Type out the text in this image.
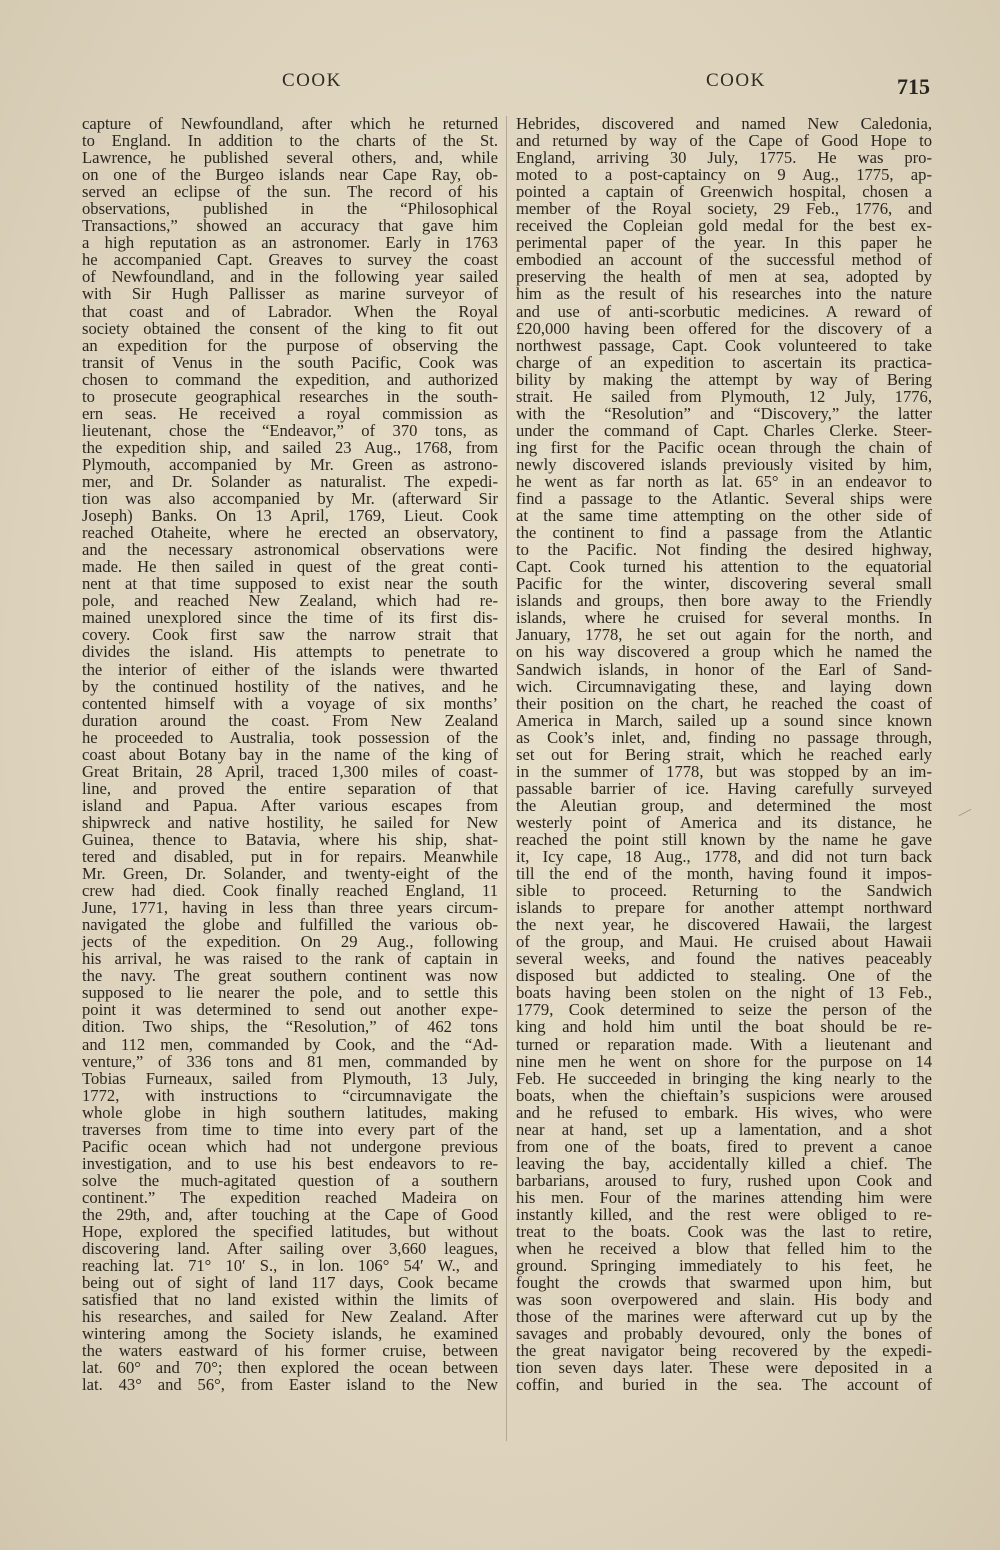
COOK	COOK	715
capture of Newfoundland, after which he returned
to England. In addition to the charts of the St.
Lawrence, he published several others, and, while
on one of the Burgeo islands near Cape Ray, ob-
served an eclipse of the sun. The record of his
observations, published in the “Philosophical
Transactions,” showed an accuracy that gave him
a high reputation as an astronomer. Early in 1763
he accompanied Capt. Greaves to survey the coast
of Newfoundland, and in the following year sailed
with Sir Hugh Pallisser as marine surveyor of
that coast and of Labrador. When the Royal
society obtained the consent of the king to fit out
an expedition for the purpose of observing the
transit of Venus in the south Pacific, Cook was
chosen to command the expedition, and authorized
to prosecute geographical researches in the south-
ern seas. He received a royal commission as
lieutenant, chose the “Endeavor,” of 370 tons, as
the expedition ship, and sailed 23 Aug., 1768, from
Plymouth, accompanied by Mr. Green as astrono-
mer, and Dr. Solander as naturalist. The expedi-
tion was also accompanied by Mr. (afterward Sir
Joseph) Banks. On 13 April, 1769, Lieut. Cook
reached Otaheite, where he erected an observatory,
and the necessary astronomical observations were
made. He then sailed in quest of the great conti-
nent at that time supposed to exist near the south
pole, and reached New Zealand, which had re-
mained unexplored since the time of its first dis-
covery. Cook first saw the narrow strait that
divides the island. His attempts to penetrate to
the interior of either of the islands were thwarted
by the continued hostility of the natives, and he
contented himself with a voyage of six months’
duration around the coast. From New Zealand
he proceeded to Australia, took possession of the
coast about Botany bay in the name of the king of
Great Britain, 28 April, traced 1,300 miles of coast-
line, and proved the entire separation of that
island and Papua. After various escapes from
shipwreck and native hostility, he sailed for New
Guinea, thence to Batavia, where his ship, shat-
tered and disabled, put in for repairs. Meanwhile
Mr. Green, Dr. Solander, and twenty-eight of the
crew had died. Cook finally reached England, 11
June, 1771, having in less than three years circum-
navigated the globe and fulfilled the various ob-
jects of the expedition. On 29 Aug., following
his arrival, he was raised to the rank of captain in
the navy. The great southern continent was now
supposed to lie nearer the pole, and to settle this
point it was determined to send out another expe-
dition. Two ships, the “Resolution,” of 462 tons
and 112 men, commanded by Cook, and the “Ad-
venture,” of 336 tons and 81 men, commanded by
Tobias Furneaux, sailed from Plymouth, 13 July,
1772, with instructions to “circumnavigate the
whole globe in high southern latitudes, making
traverses from time to time into every part of the
Pacific ocean which had not undergone previous
investigation, and to use his best endeavors to re-
solve the much-agitated question of a southern
continent.” The expedition reached Madeira on
the 29th, and, after touching at the Cape of Good
Hope, explored the specified latitudes, but without
discovering land. After sailing over 3,660 leagues,
reaching lat. 71° 10′ S., in lon. 106° 54′ W., and
being out of sight of land 117 days, Cook became
satisfied that no land existed within the limits of
his researches, and sailed for New Zealand. After
wintering among the Society islands, he examined
the waters eastward of his former cruise, between
lat. 60° and 70°; then explored the ocean between
lat. 43° and 56°, from Easter island to the New
Hebrides, discovered and named New Caledonia,
and returned by way of the Cape of Good Hope to
England, arriving 30 July, 1775. He was pro-
moted to a post-captaincy on 9 Aug., 1775, ap-
pointed a captain of Greenwich hospital, chosen a
member of the Royal society, 29 Feb., 1776, and
received the Copleian gold medal for the best ex-
perimental paper of the year. In this paper he
embodied an account of the successful method of
preserving the health of men at sea, adopted by
him as the result of his researches into the nature
and use of anti-scorbutic medicines. A reward of
£20,000 having been offered for the discovery of a
northwest passage, Capt. Cook volunteered to take
charge of an expedition to ascertain its practica-
bility by making the attempt by way of Bering
strait. He sailed from Plymouth, 12 July, 1776,
with the “Resolution” and “Discovery,” the latter
under the command of Capt. Charles Clerke. Steer-
ing first for the Pacific ocean through the chain of
newly discovered islands previously visited by him,
he went as far north as lat. 65° in an endeavor to
find a passage to the Atlantic. Several ships were
at the same time attempting on the other side of
the continent to find a passage from the Atlantic
to the Pacific. Not finding the desired highway,
Capt. Cook turned his attention to the equatorial
Pacific for the winter, discovering several small
islands and groups, then bore away to the Friendly
islands, where he cruised for several months. In
January, 1778, he set out again for the north, and
on his way discovered a group which he named the
Sandwich islands, in honor of the Earl of Sand-
wich. Circumnavigating these, and laying down
their position on the chart, he reached the coast of
America in March, sailed up a sound since known
as Cook’s inlet, and, finding no passage through,
set out for Bering strait, which he reached early
in the summer of 1778, but was stopped by an im-
passable barrier of ice. Having carefully surveyed
the Aleutian group, and determined the most
westerly point of America and its distance, he
reached the point still known by the name he gave
it, Icy cape, 18 Aug., 1778, and did not turn back
till the end of the month, having found it impos-
sible to proceed. Returning to the Sandwich
islands to prepare for another attempt northward
the next year, he discovered Hawaii, the largest
of the group, and Maui. He cruised about Hawaii
several weeks, and found the natives peaceably
disposed but addicted to stealing. One of the
boats having been stolen on the night of 13 Feb.,
1779, Cook determined to seize the person of the
king and hold him until the boat should be re-
turned or reparation made. With a lieutenant and
nine men he went on shore for the purpose on 14
Feb. He succeeded in bringing the king nearly to the
boats, when the chieftain’s suspicions were aroused
and he refused to embark. His wives, who were
near at hand, set up a lamentation, and a shot
from one of the boats, fired to prevent a canoe
leaving the bay, accidentally killed a chief. The
barbarians, aroused to fury, rushed upon Cook and
his men. Four of the marines attending him were
instantly killed, and the rest were obliged to re-
treat to the boats. Cook was the last to retire,
when he received a blow that felled him to the
ground. Springing immediately to his feet, he
fought the crowds that swarmed upon him, but
was soon overpowered and slain. His body and
those of the marines were afterward cut up by the
savages and probably devoured, only the bones of
the great navigator being recovered by the expedi-
tion seven days later. These were deposited in a
coffin, and buried in the sea. The account of
